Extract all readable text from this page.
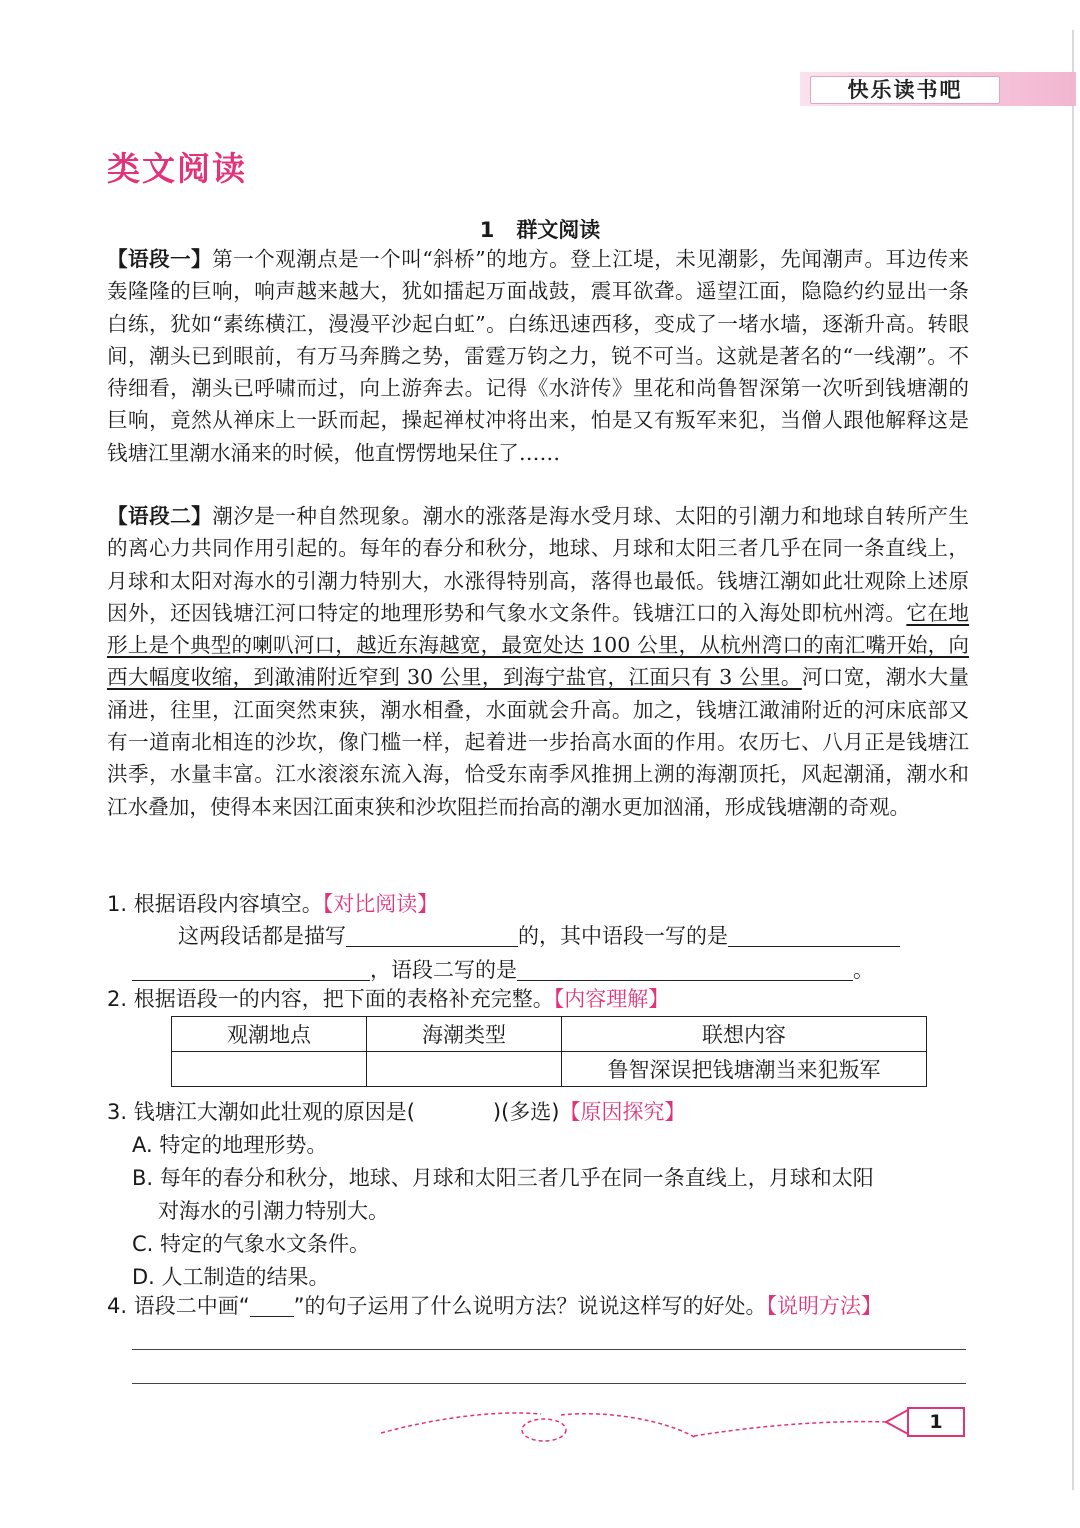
快乐读书吧
类文阅读
1 群文阅读
【语段一】第一个观潮点是一个叫“斜桥”的地方。登上江堤，未见潮影，先闻潮声。耳边传来轰隆隆的巨响，响声越来越大，犹如擂起万面战鼓，震耳欲聋。遥望江面，隐隐约约显出一条白练，犹如“素练横江，漫漫平沙起白虹”。白练迅速西移，变成了一堵水墙，逐渐升高。转眼间，潮头已到眼前，有万马奔腾之势，雷霆万钧之力，锐不可当。这就是著名的“一线潮”。不待细看，潮头已呼啸而过，向上游奔去。记得《水浒传》里花和尚鲁智深第一次听到钱塘潮的巨响，竟然从禅床上一跃而起，操起禅杖冲将出来，怕是又有叛军来犯，当僧人跟他解释这是钱塘江里潮水涌来的时候，他直愣愣地呆住了……
【语段二】潮汐是一种自然现象。潮水的涨落是海水受月球、太阳的引潮力和地球自转所产生的离心力共同作用引起的。每年的春分和秋分，地球、月球和太阳三者几乎在同一条直线上，月球和太阳对海水的引潮力特别大，水涨得特别高，落得也最低。钱塘江潮如此壮观除上述原因外，还因钱塘江河口特定的地理形势和气象水文条件。钱塘江口的入海处即杭州湾。它在地形上是个典型的喇叭河口，越近东海越宽，最宽处达 100 公里，从杭州湾口的南汇嘴开始，向西大幅度收缩，到澉浦附近窄到 30 公里，到海宁盐官，江面只有 3 公里。河口宽，潮水大量涌进，往里，江面突然束狭，潮水相叠，水面就会升高。加之，钱塘江澉浦附近的河床底部又有一道南北相连的沙坎，像门槛一样，起着进一步抬高水面的作用。农历七、八月正是钱塘江洪季，水量丰富。江水滚滚东流入海，恰受东南季风推拥上溯的海潮顶托，风起潮涌，潮水和江水叠加，使得本来因江面束狭和沙坎阻拦而抬高的潮水更加汹涌，形成钱塘潮的奇观。
1. 根据语段内容填空。【对比阅读】
这两段话都是描写	的，其中语段一写的是
，语段二写的是	。
2. 根据语段一的内容，把下面的表格补充完整。【内容理解】
观潮地点	海潮类型	联想内容
		鲁智深误把钱塘潮当来犯叛军
3. 钱塘江大潮如此壮观的原因是(	)(多选)【原因探究】
A. 特定的地理形势。
B. 每年的春分和秋分，地球、月球和太阳三者几乎在同一条直线上，月球和太阳
对海水的引潮力特别大。
C. 特定的气象水文条件。
D. 人工制造的结果。
4. 语段二中画“ ”的句子运用了什么说明方法？说说这样写的好处。【说明方法】
1
